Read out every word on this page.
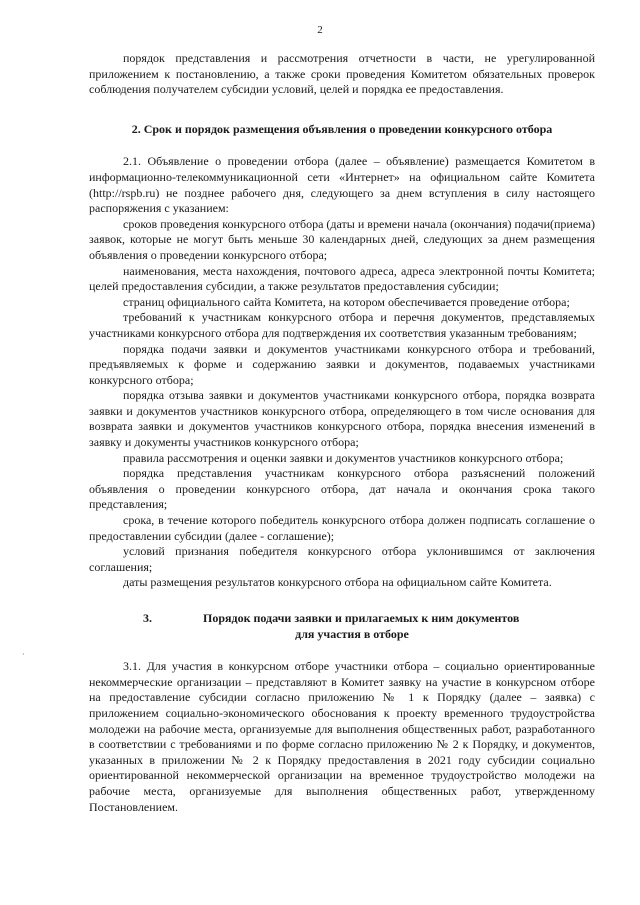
2

порядок представления и рассмотрения отчетности в части, не урегулированной приложением к постановлению, а также сроки проведения Комитетом обязательных проверок соблюдения получателем субсидии условий, целей и порядка ее предоставления.

2. Срок и порядок размещения объявления о проведении конкурсного отбора

2.1. Объявление о проведении отбора (далее – объявление) размещается Комитетом в информационно-телекоммуникационной сети «Интернет» на официальном сайте Комитета (http://rspb.ru) не позднее рабочего дня, следующего за днем вступления в силу настоящего распоряжения с указанием:

сроков проведения конкурсного отбора (даты и времени начала (окончания) подачи(приема) заявок, которые не могут быть меньше 30 календарных дней, следующих за днем размещения объявления о проведении конкурсного отбора;

наименования, места нахождения, почтового адреса, адреса электронной почты Комитета; целей предоставления субсидии, а также результатов предоставления субсидии;

страниц официального сайта Комитета, на котором обеспечивается проведение отбора;

требований к участникам конкурсного отбора и перечня документов, представляемых участниками конкурсного отбора для подтверждения их соответствия указанным требованиям;

порядка подачи заявки и документов участниками конкурсного отбора и требований, предъявляемых к форме и содержанию заявки и документов, подаваемых участниками конкурсного отбора;

порядка отзыва заявки и документов участниками конкурсного отбора, порядка возврата заявки и документов участников конкурсного отбора, определяющего в том числе основания для возврата заявки и документов участников конкурсного отбора, порядка внесения изменений в заявку и документы участников конкурсного отбора;

правила рассмотрения и оценки заявки и документов участников конкурсного отбора;

порядка представления участникам конкурсного отбора разъяснений положений объявления о проведении конкурсного отбора, дат начала и окончания срока такого представления;

срока, в течение которого победитель конкурсного отбора должен подписать соглашение о предоставлении субсидии (далее - соглашение);

условий признания победителя конкурсного отбора уклонившимся от заключения соглашения;

даты размещения результатов конкурсного отбора на официальном сайте Комитета.

3.	Порядок подачи заявки и прилагаемых к ним документов
для участия в отборе

3.1. Для участия в конкурсном отборе участники отбора – социально ориентированные некоммерческие организации – представляют в Комитет заявку на участие в конкурсном отборе на предоставление субсидии согласно приложению № 1 к Порядку (далее – заявка) с приложением социально-экономического обоснования к проекту временного трудоустройства молодежи на рабочие места, организуемые для выполнения общественных работ, разработанного в соответствии с требованиями и по форме согласно приложению № 2 к Порядку, и документов, указанных в приложении № 2 к Порядку предоставления в 2021 году субсидии социально ориентированной некоммерческой организации на временное трудоустройство молодежи на рабочие места, организуемые для выполнения общественных работ, утвержденному Постановлением.

·
